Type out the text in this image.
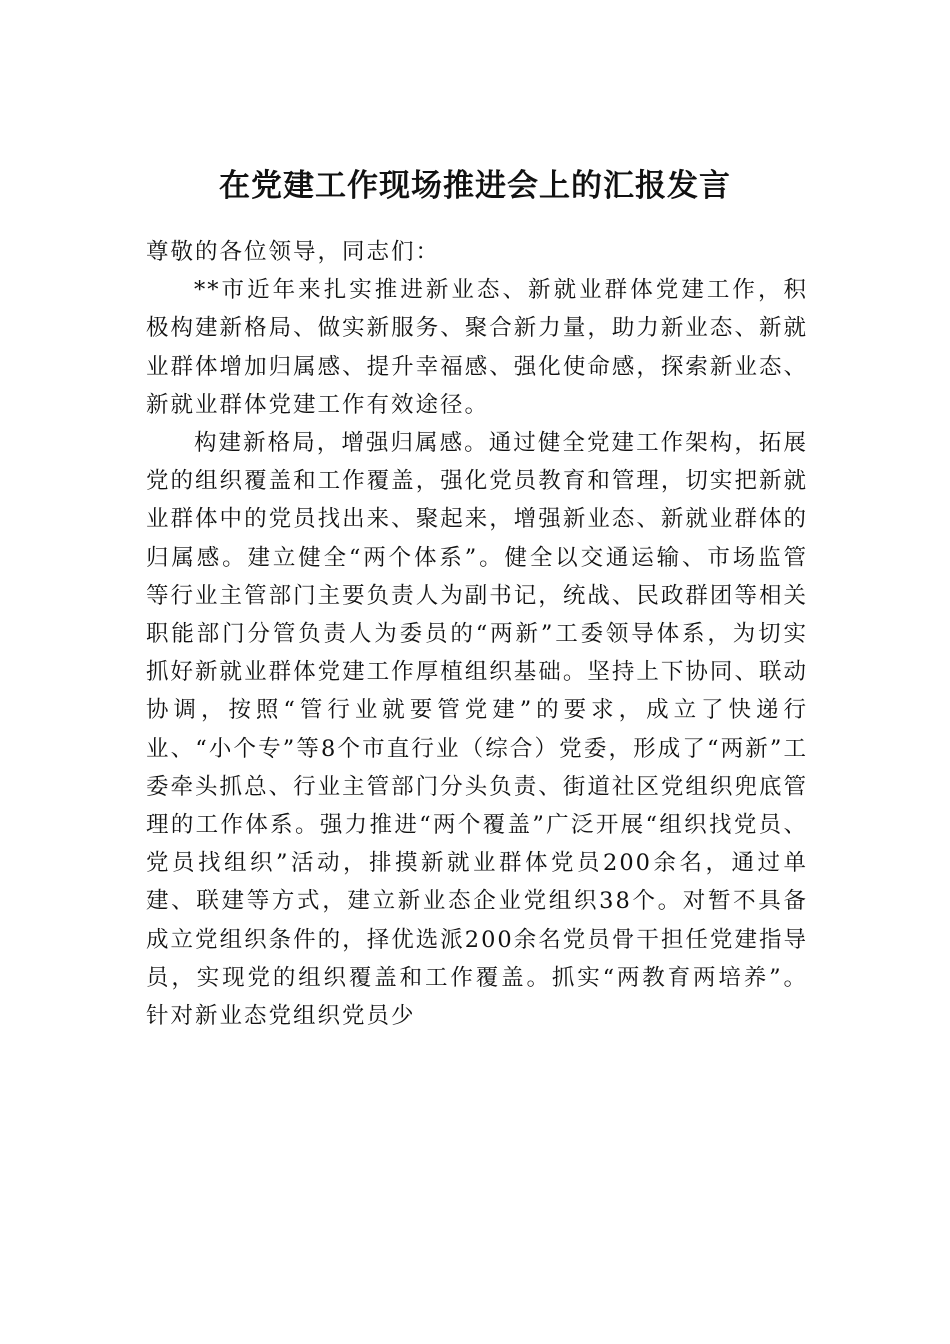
在党建工作现场推进会上的汇报发言

尊敬的各位领导，同志们：

**市近年来扎实推进新业态、新就业群体党建工作，积极构建新格局、做实新服务、聚合新力量，助力新业态、新就业群体增加归属感、提升幸福感、强化使命感，探索新业态、新就业群体党建工作有效途径。

构建新格局，增强归属感。通过健全党建工作架构，拓展党的组织覆盖和工作覆盖，强化党员教育和管理，切实把新就业群体中的党员找出来、聚起来，增强新业态、新就业群体的归属感。建立健全“两个体系”。健全以交通运输、市场监管等行业主管部门主要负责人为副书记，统战、民政群团等相关职能部门分管负责人为委员的“两新”工委领导体系，为切实抓好新就业群体党建工作厚植组织基础。坚持上下协同、联动协调，按照“管行业就要管党建”的要求，成立了快递行业、“小个专”等8个市直行业（综合）党委，形成了“两新”工委牵头抓总、行业主管部门分头负责、街道社区党组织兜底管理的工作体系。强力推进“两个覆盖”广泛开展“组织找党员、党员找组织”活动，排摸新就业群体党员200余名，通过单建、联建等方式，建立新业态企业党组织38个。对暂不具备成立党组织条件的，择优选派200余名党员骨干担任党建指导员，实现党的组织覆盖和工作覆盖。抓实“两教育两培养”。针对新业态党组织党员少
